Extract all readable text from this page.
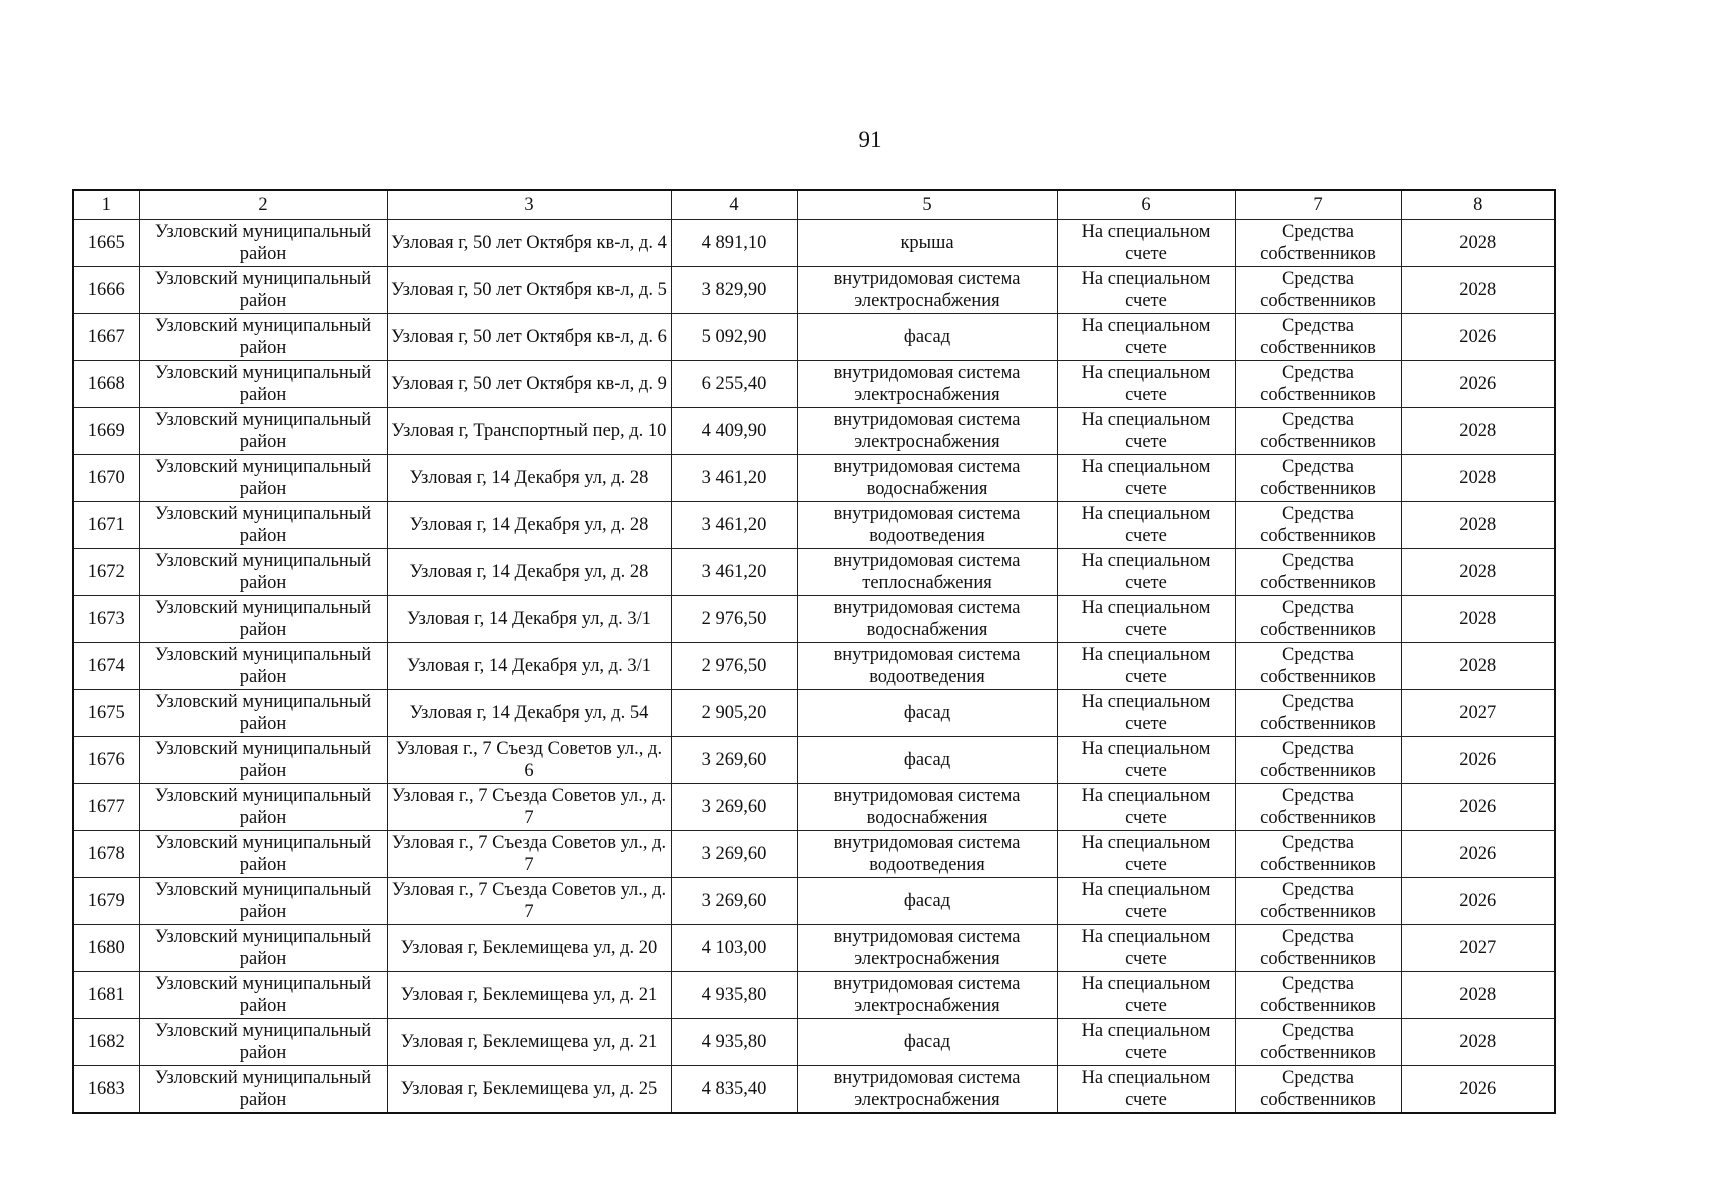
91
1	2	3	4	5	6	7	8
1665	Узловский муниципальный район	Узловая г, 50 лет Октября кв-л, д. 4	4 891,10	крыша	На специальном счете	Средства собственников	2028
1666	Узловский муниципальный район	Узловая г, 50 лет Октября кв-л, д. 5	3 829,90	внутридомовая система электроснабжения	На специальном счете	Средства собственников	2028
1667	Узловский муниципальный район	Узловая г, 50 лет Октября кв-л, д. 6	5 092,90	фасад	На специальном счете	Средства собственников	2026
1668	Узловский муниципальный район	Узловая г, 50 лет Октября кв-л, д. 9	6 255,40	внутридомовая система электроснабжения	На специальном счете	Средства собственников	2026
1669	Узловский муниципальный район	Узловая г, Транспортный пер, д. 10	4 409,90	внутридомовая система электроснабжения	На специальном счете	Средства собственников	2028
1670	Узловский муниципальный район	Узловая г, 14 Декабря ул, д. 28	3 461,20	внутридомовая система водоснабжения	На специальном счете	Средства собственников	2028
1671	Узловский муниципальный район	Узловая г, 14 Декабря ул, д. 28	3 461,20	внутридомовая система водоотведения	На специальном счете	Средства собственников	2028
1672	Узловский муниципальный район	Узловая г, 14 Декабря ул, д. 28	3 461,20	внутридомовая система теплоснабжения	На специальном счете	Средства собственников	2028
1673	Узловский муниципальный район	Узловая г, 14 Декабря ул, д. 3/1	2 976,50	внутридомовая система водоснабжения	На специальном счете	Средства собственников	2028
1674	Узловский муниципальный район	Узловая г, 14 Декабря ул, д. 3/1	2 976,50	внутридомовая система водоотведения	На специальном счете	Средства собственников	2028
1675	Узловский муниципальный район	Узловая г, 14 Декабря ул, д. 54	2 905,20	фасад	На специальном счете	Средства собственников	2027
1676	Узловский муниципальный район	Узловая г., 7 Съезд Советов ул., д. 6	3 269,60	фасад	На специальном счете	Средства собственников	2026
1677	Узловский муниципальный район	Узловая г., 7 Съезда Советов ул., д. 7	3 269,60	внутридомовая система водоснабжения	На специальном счете	Средства собственников	2026
1678	Узловский муниципальный район	Узловая г., 7 Съезда Советов ул., д. 7	3 269,60	внутридомовая система водоотведения	На специальном счете	Средства собственников	2026
1679	Узловский муниципальный район	Узловая г., 7 Съезда Советов ул., д. 7	3 269,60	фасад	На специальном счете	Средства собственников	2026
1680	Узловский муниципальный район	Узловая г, Беклемищева ул, д. 20	4 103,00	внутридомовая система электроснабжения	На специальном счете	Средства собственников	2027
1681	Узловский муниципальный район	Узловая г, Беклемищева ул, д. 21	4 935,80	внутридомовая система электроснабжения	На специальном счете	Средства собственников	2028
1682	Узловский муниципальный район	Узловая г, Беклемищева ул, д. 21	4 935,80	фасад	На специальном счете	Средства собственников	2028
1683	Узловский муниципальный район	Узловая г, Беклемищева ул, д. 25	4 835,40	внутридомовая система электроснабжения	На специальном счете	Средства собственников	2026
